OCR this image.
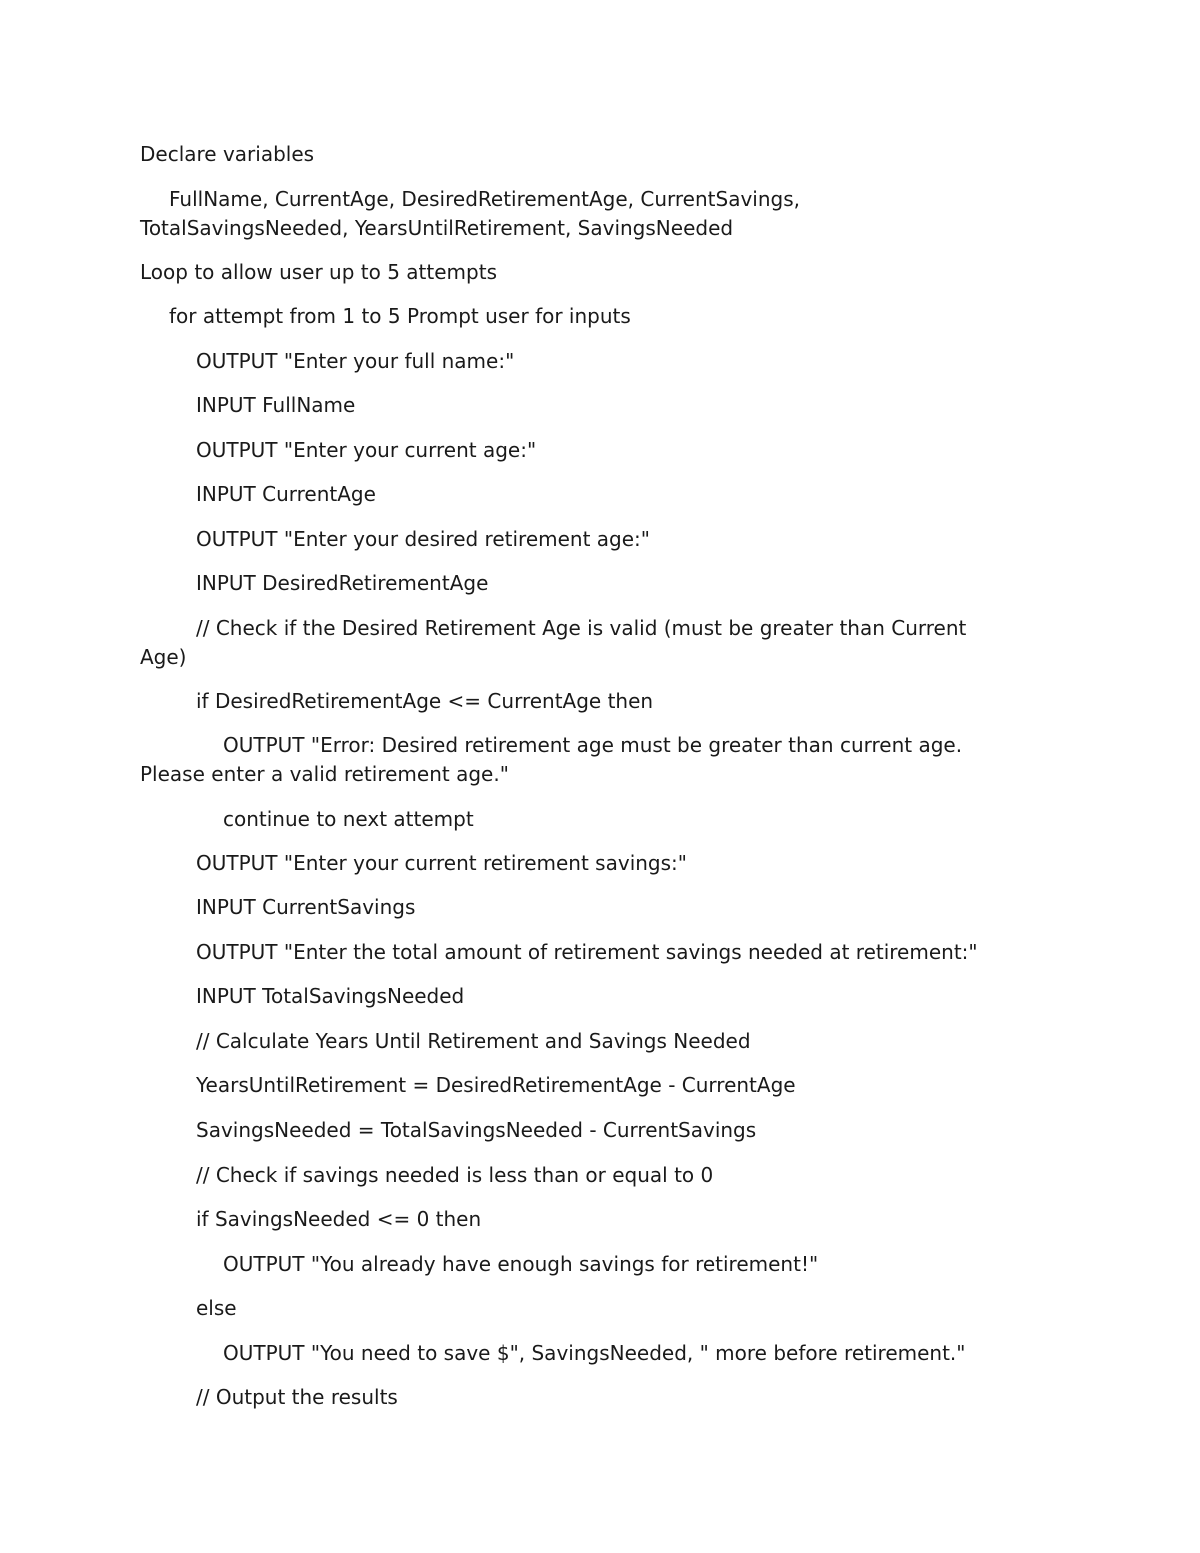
Declare variables

FullName, CurrentAge, DesiredRetirementAge, CurrentSavings,
TotalSavingsNeeded, YearsUntilRetirement, SavingsNeeded

Loop to allow user up to 5 attempts

for attempt from 1 to 5 Prompt user for inputs

OUTPUT "Enter your full name:"

INPUT FullName

OUTPUT "Enter your current age:"

INPUT CurrentAge

OUTPUT "Enter your desired retirement age:"

INPUT DesiredRetirementAge

// Check if the Desired Retirement Age is valid (must be greater than Current
Age)

if DesiredRetirementAge <= CurrentAge then

OUTPUT "Error: Desired retirement age must be greater than current age.
Please enter a valid retirement age."

continue to next attempt

OUTPUT "Enter your current retirement savings:"

INPUT CurrentSavings

OUTPUT "Enter the total amount of retirement savings needed at retirement:"

INPUT TotalSavingsNeeded

// Calculate Years Until Retirement and Savings Needed

YearsUntilRetirement = DesiredRetirementAge - CurrentAge

SavingsNeeded = TotalSavingsNeeded - CurrentSavings

// Check if savings needed is less than or equal to 0

if SavingsNeeded <= 0 then

OUTPUT "You already have enough savings for retirement!"

else

OUTPUT "You need to save $", SavingsNeeded, " more before retirement."

// Output the results
